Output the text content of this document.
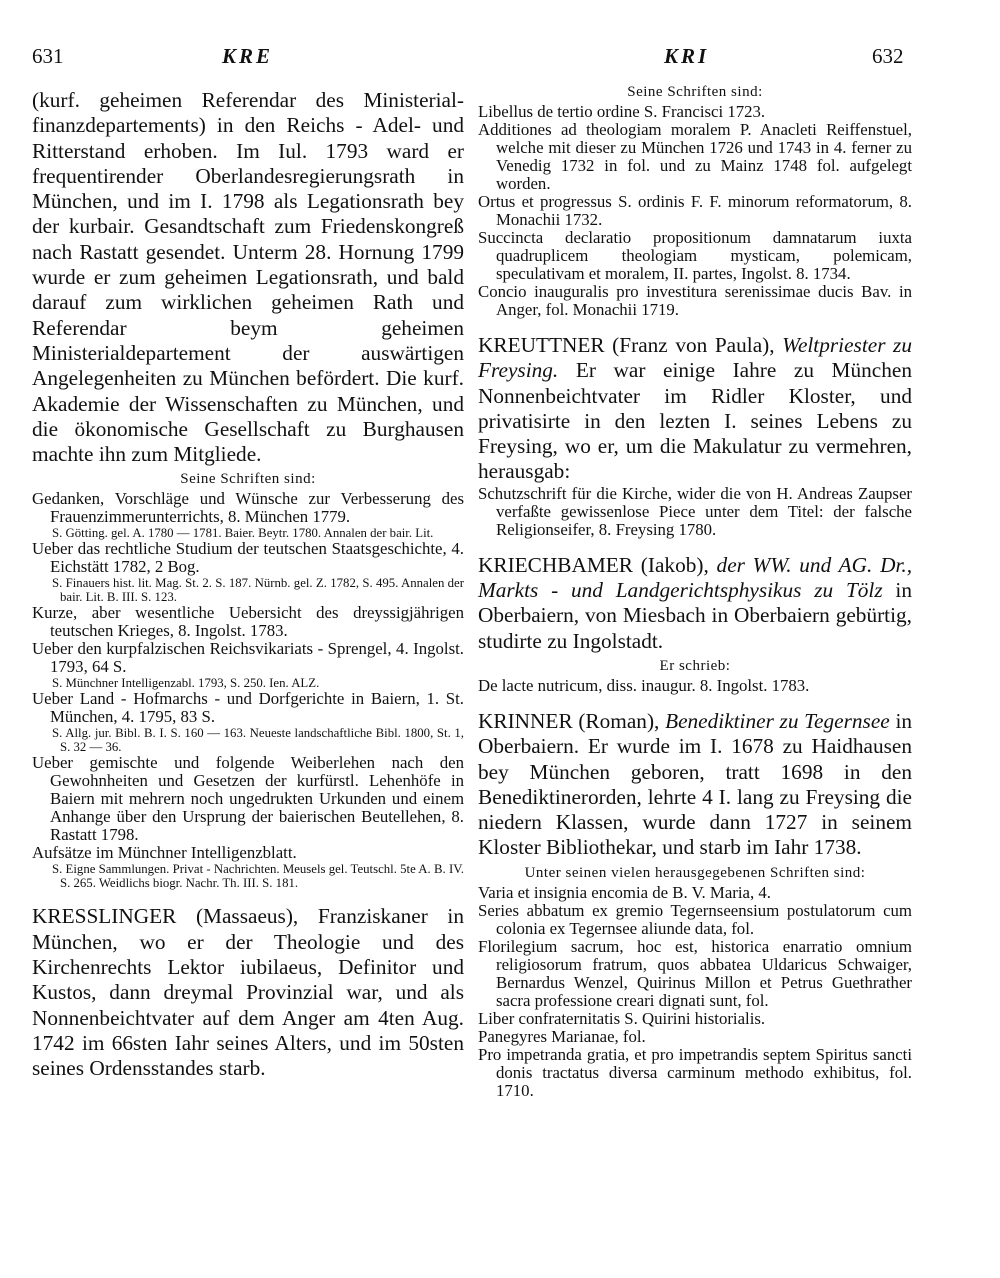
631	KRE	KRI	632

(kurf. geheimen Referendar des Ministerial-finanzdepartements) in den Reichs - Adel- und Ritterstand erhoben. Im Iul. 1793 ward er frequentirender Oberlandesregierungsrath in München, und im I. 1798 als Legationsrath bey der kurbair. Gesandtschaft zum Friedenskongreß nach Rastatt gesendet. Unterm 28. Hornung 1799 wurde er zum geheimen Legationsrath, und bald darauf zum wirklichen geheimen Rath und Referendar beym geheimen Ministerialdepartement der auswärtigen Angelegenheiten zu München befördert. Die kurf. Akademie der Wissenschaften zu München, und die ökonomische Gesellschaft zu Burghausen machte ihn zum Mitgliede.

Seine Schriften sind:

Gedanken, Vorschläge und Wünsche zur Verbesserung des Frauenzimmerunterrichts, 8. München 1779.

S. Götting. gel. A. 1780 — 1781. Baier. Beytr. 1780. Annalen der bair. Lit.

Ueber das rechtliche Studium der teutschen Staatsgeschichte, 4. Eichstätt 1782, 2 Bog.

S. Finauers hist. lit. Mag. St. 2. S. 187. Nürnb. gel. Z. 1782, S. 495. Annalen der bair. Lit. B. III. S. 123.

Kurze, aber wesentliche Uebersicht des dreyssigjährigen teutschen Krieges, 8. Ingolst. 1783.

Ueber den kurpfalzischen Reichsvikariats - Sprengel, 4. Ingolst. 1793, 64 S.

S. Münchner Intelligenzabl. 1793, S. 250. Ien. ALZ.

Ueber Land - Hofmarchs - und Dorfgerichte in Baiern, 1. St. München, 4. 1795, 83 S.

S. Allg. jur. Bibl. B. I. S. 160 — 163. Neueste landschaftliche Bibl. 1800, St. 1, S. 32 — 36.

Ueber gemischte und folgende Weiberlehen nach den Gewohnheiten und Gesetzen der kurfürstl. Lehenhöfe in Baiern mit mehrern noch ungedrukten Urkunden und einem Anhange über den Ursprung der baierischen Beutellehen, 8. Rastatt 1798.

Aufsätze im Münchner Intelligenzblatt.

S. Eigne Sammlungen. Privat - Nachrichten. Meusels gel. Teutschl. 5te A. B. IV. S. 265. Weidlichs biogr. Nachr. Th. III. S. 181.

KRESSLINGER (Massaeus), Franziskaner in München, wo er der Theologie und des Kirchenrechts Lektor iubilaeus, Definitor und Kustos, dann dreymal Provinzial war, und als Nonnenbeichtvater auf dem Anger am 4ten Aug. 1742 im 66sten Iahr seines Alters, und im 50sten seines Ordensstandes starb.

Seine Schriften sind:

Libellus de tertio ordine S. Francisci 1723.

Additiones ad theologiam moralem P. Anacleti Reiffenstuel, welche mit dieser zu München 1726 und 1743 in 4. ferner zu Venedig 1732 in fol. und zu Mainz 1748 fol. aufgelegt worden.

Ortus et progressus S. ordinis F. F. minorum reformatorum, 8. Monachii 1732.

Succincta declaratio propositionum damnatarum iuxta quadruplicem theologiam mysticam, polemicam, speculativam et moralem, II. partes, Ingolst. 8. 1734.

Concio inauguralis pro investitura serenissimae ducis Bav. in Anger, fol. Monachii 1719.

KREUTTNER (Franz von Paula), Weltpriester zu Freysing. Er war einige Iahre zu München Nonnenbeichtvater im Ridler Kloster, und privatisirte in den lezten I. seines Lebens zu Freysing, wo er, um die Makulatur zu vermehren, herausgab:

Schutzschrift für die Kirche, wider die von H. Andreas Zaupser verfaßte gewissenlose Piece unter dem Titel: der falsche Religionseifer, 8. Freysing 1780.

KRIECHBAMER (Iakob), der WW. und AG. Dr., Markts - und Landgerichtsphysikus zu Tölz in Oberbaiern, von Miesbach in Oberbaiern gebürtig, studirte zu Ingolstadt.

Er schrieb:

De lacte nutricum, diss. inaugur. 8. Ingolst. 1783.

KRINNER (Roman), Benediktiner zu Tegernsee in Oberbaiern. Er wurde im I. 1678 zu Haidhausen bey München geboren, tratt 1698 in den Benediktinerorden, lehrte 4 I. lang zu Freysing die niedern Klassen, wurde dann 1727 in seinem Kloster Bibliothekar, und starb im Iahr 1738.

Unter seinen vielen herausgegebenen Schriften sind:

Varia et insignia encomia de B. V. Maria, 4.

Series abbatum ex gremio Tegernseensium postulatorum cum colonia ex Tegernsee aliunde data, fol.

Florilegium sacrum, hoc est, historica enarratio omnium religiosorum fratrum, quos abbatea Uldaricus Schwaiger, Bernardus Wenzel, Quirinus Millon et Petrus Guethrather sacra professione creari dignati sunt, fol.

Liber confraternitatis S. Quirini historialis.

Panegyres Marianae, fol.

Pro impetranda gratia, et pro impetrandis septem Spiritus sancti donis tractatus diversa carminum methodo exhibitus, fol. 1710.
